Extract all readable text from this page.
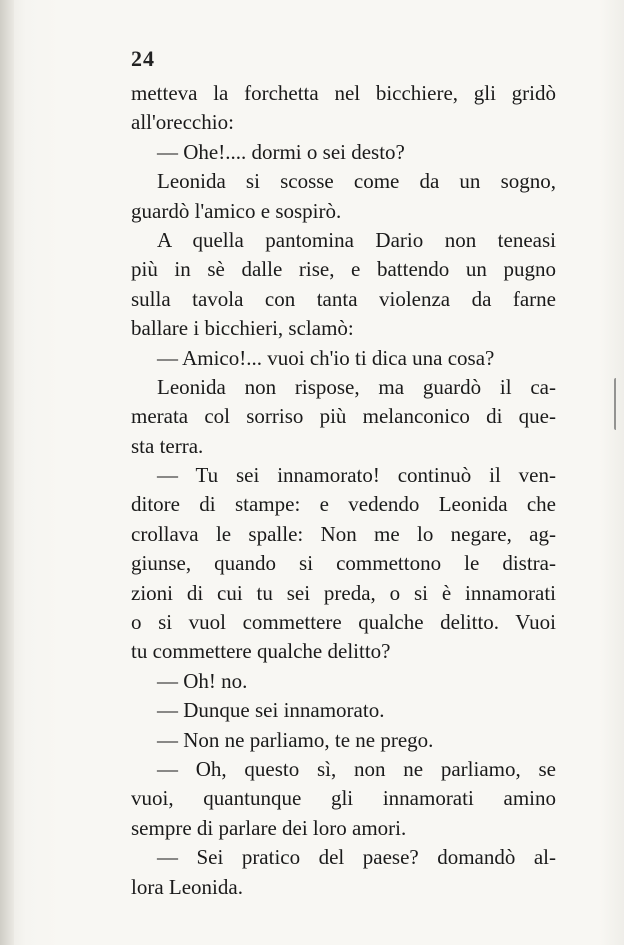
24
metteva la forchetta nel bicchiere, gli gridò
all'orecchio:
— Ohe!.... dormi o sei desto?
Leonida si scosse come da un sogno,
guardò l'amico e sospirò.
A quella pantomina Dario non teneasi
più in sè dalle rise, e battendo un pugno
sulla tavola con tanta violenza da farne
ballare i bicchieri, sclamò:
— Amico!... vuoi ch'io ti dica una cosa?
Leonida non rispose, ma guardò il ca-
merata col sorriso più melanconico di que-
sta terra.
— Tu sei innamorato! continuò il ven-
ditore di stampe: e vedendo Leonida che
crollava le spalle: Non me lo negare, ag-
giunse, quando si commettono le distra-
zioni di cui tu sei preda, o si è innamorati
o si vuol commettere qualche delitto. Vuoi
tu commettere qualche delitto?
— Oh! no.
— Dunque sei innamorato.
— Non ne parliamo, te ne prego.
— Oh, questo sì, non ne parliamo, se
vuoi, quantunque gli innamorati amino
sempre di parlare dei loro amori.
— Sei pratico del paese? domandò al-
lora Leonida.
